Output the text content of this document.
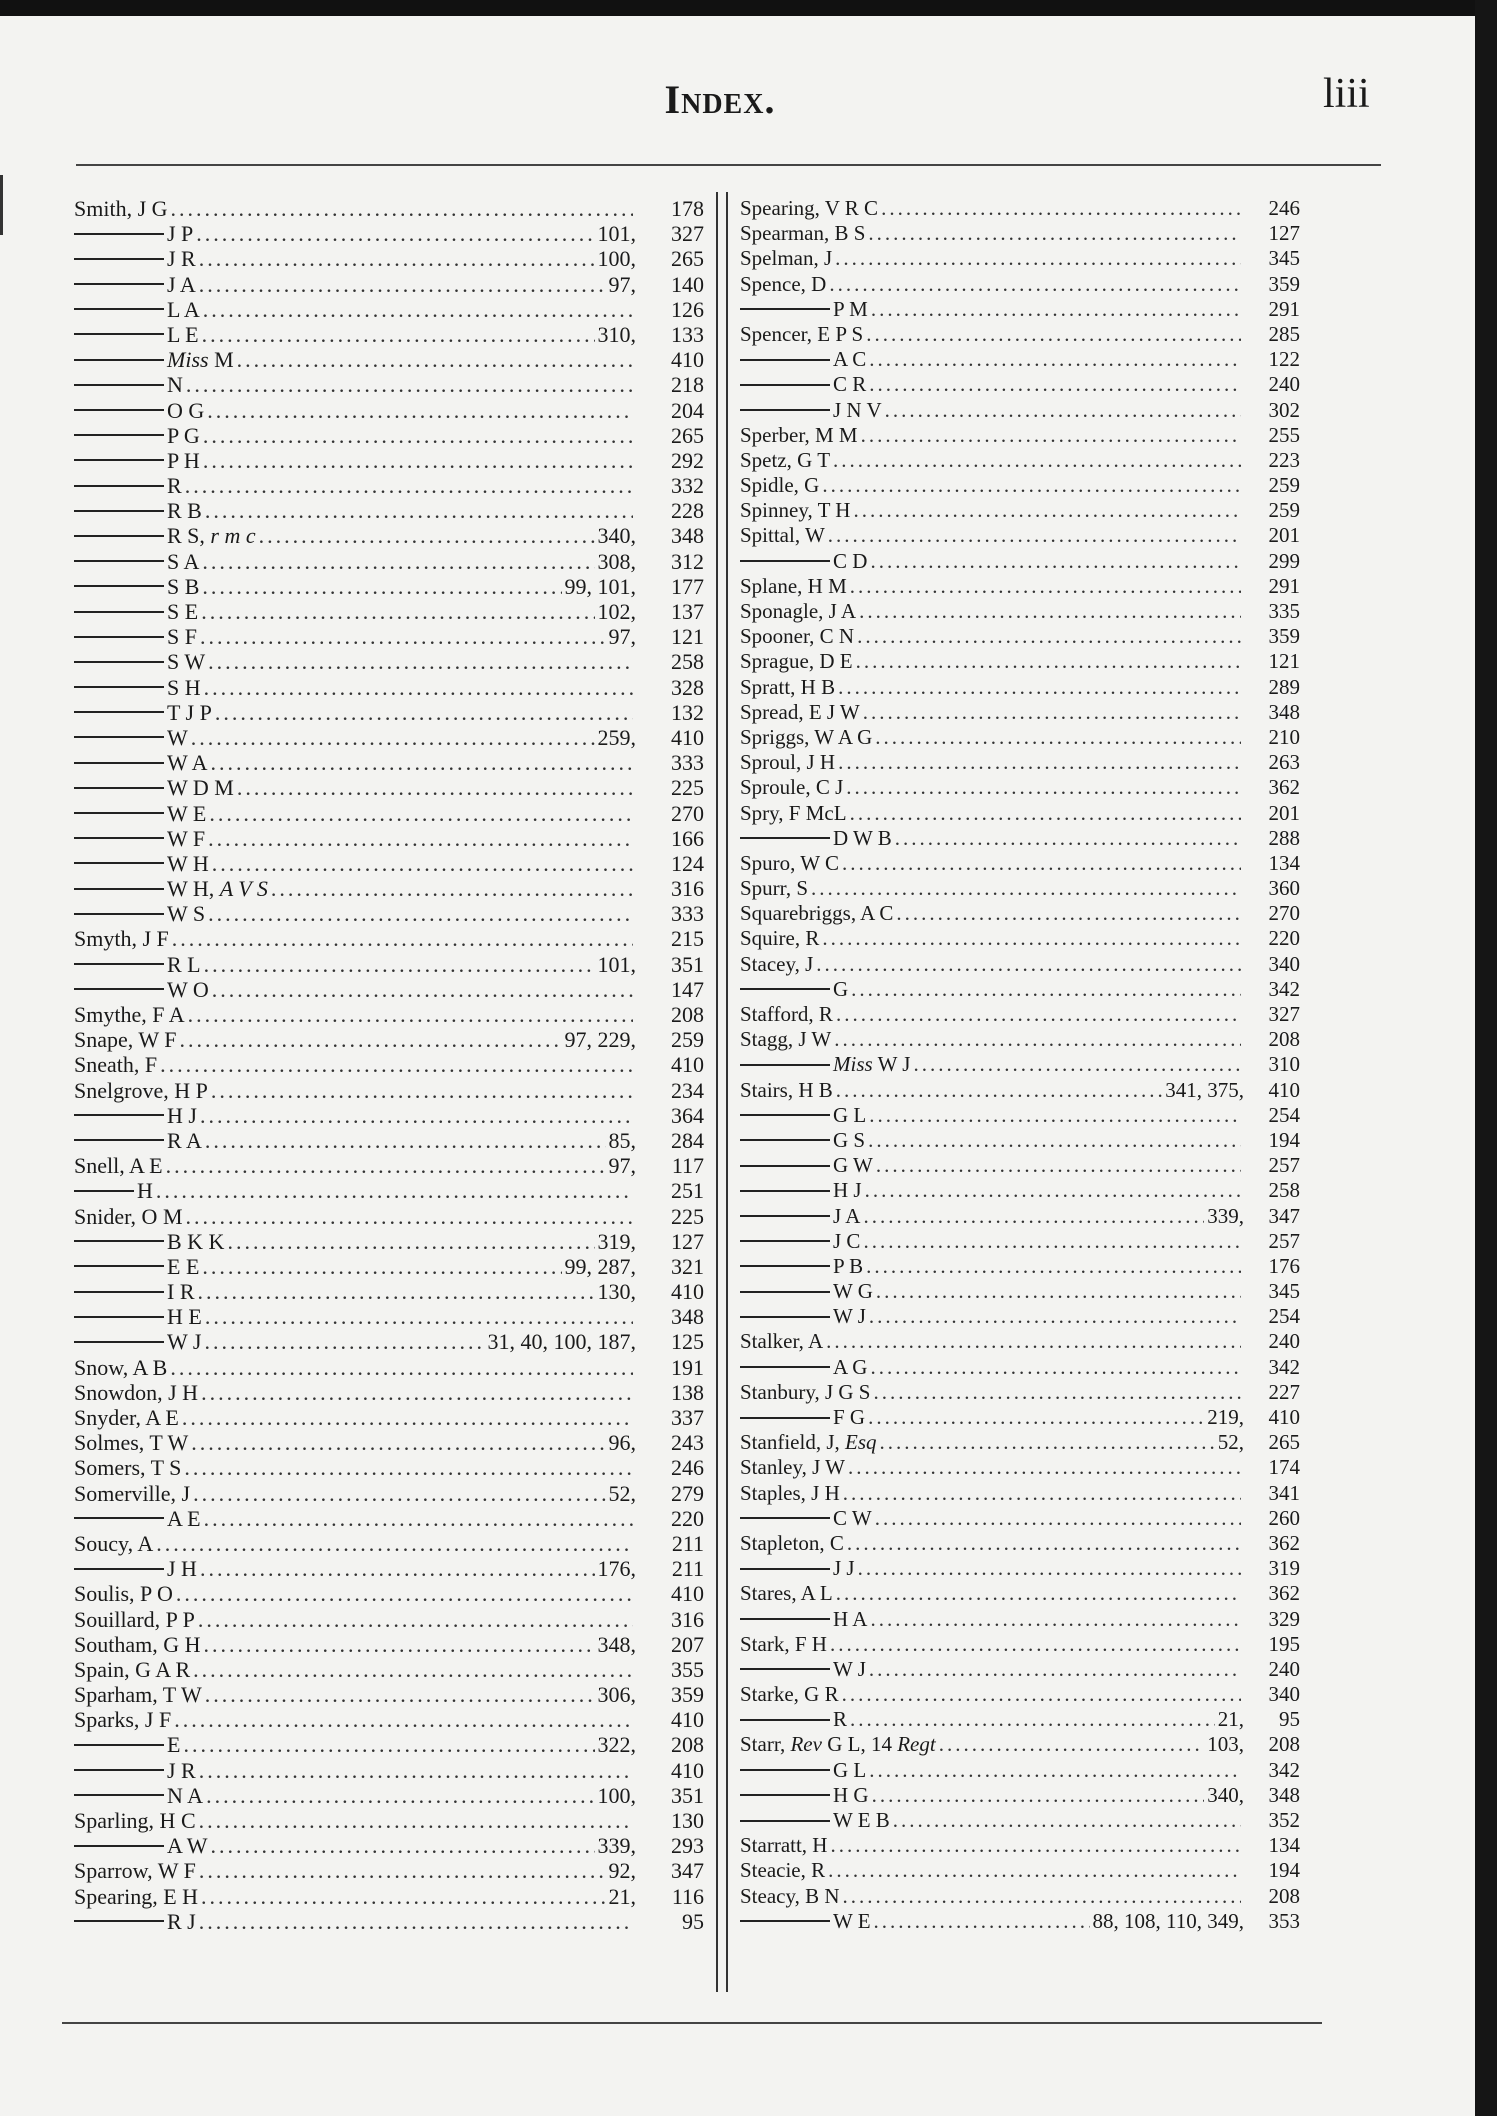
Index.	liii
Smith, J G .....	178
J P .....	101,	327
J R .....	100,	265
J A .....	97,	140
L A .....	126
L E .....	310,	133
Miss M .....	410
N .....	218
O G .....	204
P G .....	265
P H .....	292
R .....	332
R B .....	228
R S, r m c .....	340,	348
S A .....	308,	312
S B .....	99, 101,	177
S E .....	102,	137
S F .....	97,	121
S W .....	258
S H .....	328
T J P .....	132
W .....	259,	410
W A .....	333
W D M .....	225
W E .....	270
W F .....	166
W H .....	124
W H, A V S .....	316
W S .....	333
Smyth, J F .....	215
R L .....	101,	351
W O .....	147
Smythe, F A .....	208
Snape, W F .....	97, 229,	259
Sneath, F .....	410
Snelgrove, H P .....	234
H J .....	364
R A .....	85,	284
Snell, A E .....	97,	117
H .....	251
Snider, O M .....	225
B K K .....	319,	127
E E .....	99, 287,	321
I R .....	130,	410
H E .....	348
W J .....	31, 40, 100, 187,	125
Snow, A B .....	191
Snowdon, J H .....	138
Snyder, A E .....	337
Solmes, T W .....	96,	243
Somers, T S .....	246
Somerville, J .....	52,	279
A E .....	220
Soucy, A .....	211
J H .....	176,	211
Soulis, P O .....	410
Souillard, P P .....	316
Southam, G H .....	348,	207
Spain, G A R .....	355
Sparham, T W .....	306,	359
Sparks, J F .....	410
E .....	322,	208
J R .....	410
N A .....	100,	351
Sparling, H C .....	130
A W .....	339,	293
Sparrow, W F .....	92,	347
Spearing, E H .....	21,	116
R J .....	95
Spearing, V R C .....	246
Spearman, B S .....	127
Spelman, J .....	345
Spence, D .....	359
P M .....	291
Spencer, E P S .....	285
A C .....	122
C R .....	240
J N V .....	302
Sperber, M M .....	255
Spetz, G T .....	223
Spidle, G .....	259
Spinney, T H .....	259
Spittal, W .....	201
C D .....	299
Splane, H M .....	291
Sponagle, J A .....	335
Spooner, C N .....	359
Sprague, D E .....	121
Spratt, H B .....	289
Spread, E J W .....	348
Spriggs, W A G .....	210
Sproul, J H .....	263
Sproule, C J .....	362
Spry, F McL .....	201
D W B .....	288
Spuro, W C .....	134
Spurr, S .....	360
Squarebriggs, A C .....	270
Squire, R .....	220
Stacey, J .....	340
G .....	342
Stafford, R .....	327
Stagg, J W .....	208
Miss W J .....	310
Stairs, H B .....	341, 375,	410
G L .....	254
G S .....	194
G W .....	257
H J .....	258
J A .....	339,	347
J C .....	257
P B .....	176
W G .....	345
W J .....	254
Stalker, A .....	240
A G .....	342
Stanbury, J G S .....	227
F G .....	219,	410
Stanfield, J, Esq .....	52,	265
Stanley, J W .....	174
Staples, J H .....	341
C W .....	260
Stapleton, C .....	362
J J .....	319
Stares, A L .....	362
H A .....	329
Stark, F H .....	195
W J .....	240
Starke, G R .....	340
R .....	21,	95
Starr, Rev G L, 14 Regt .....	103,	208
G L .....	342
H G .....	340,	348
W E B .....	352
Starratt, H .....	134
Steacie, R .....	194
Steacy, B N .....	208
W E .....	88, 108, 110, 349,	353
